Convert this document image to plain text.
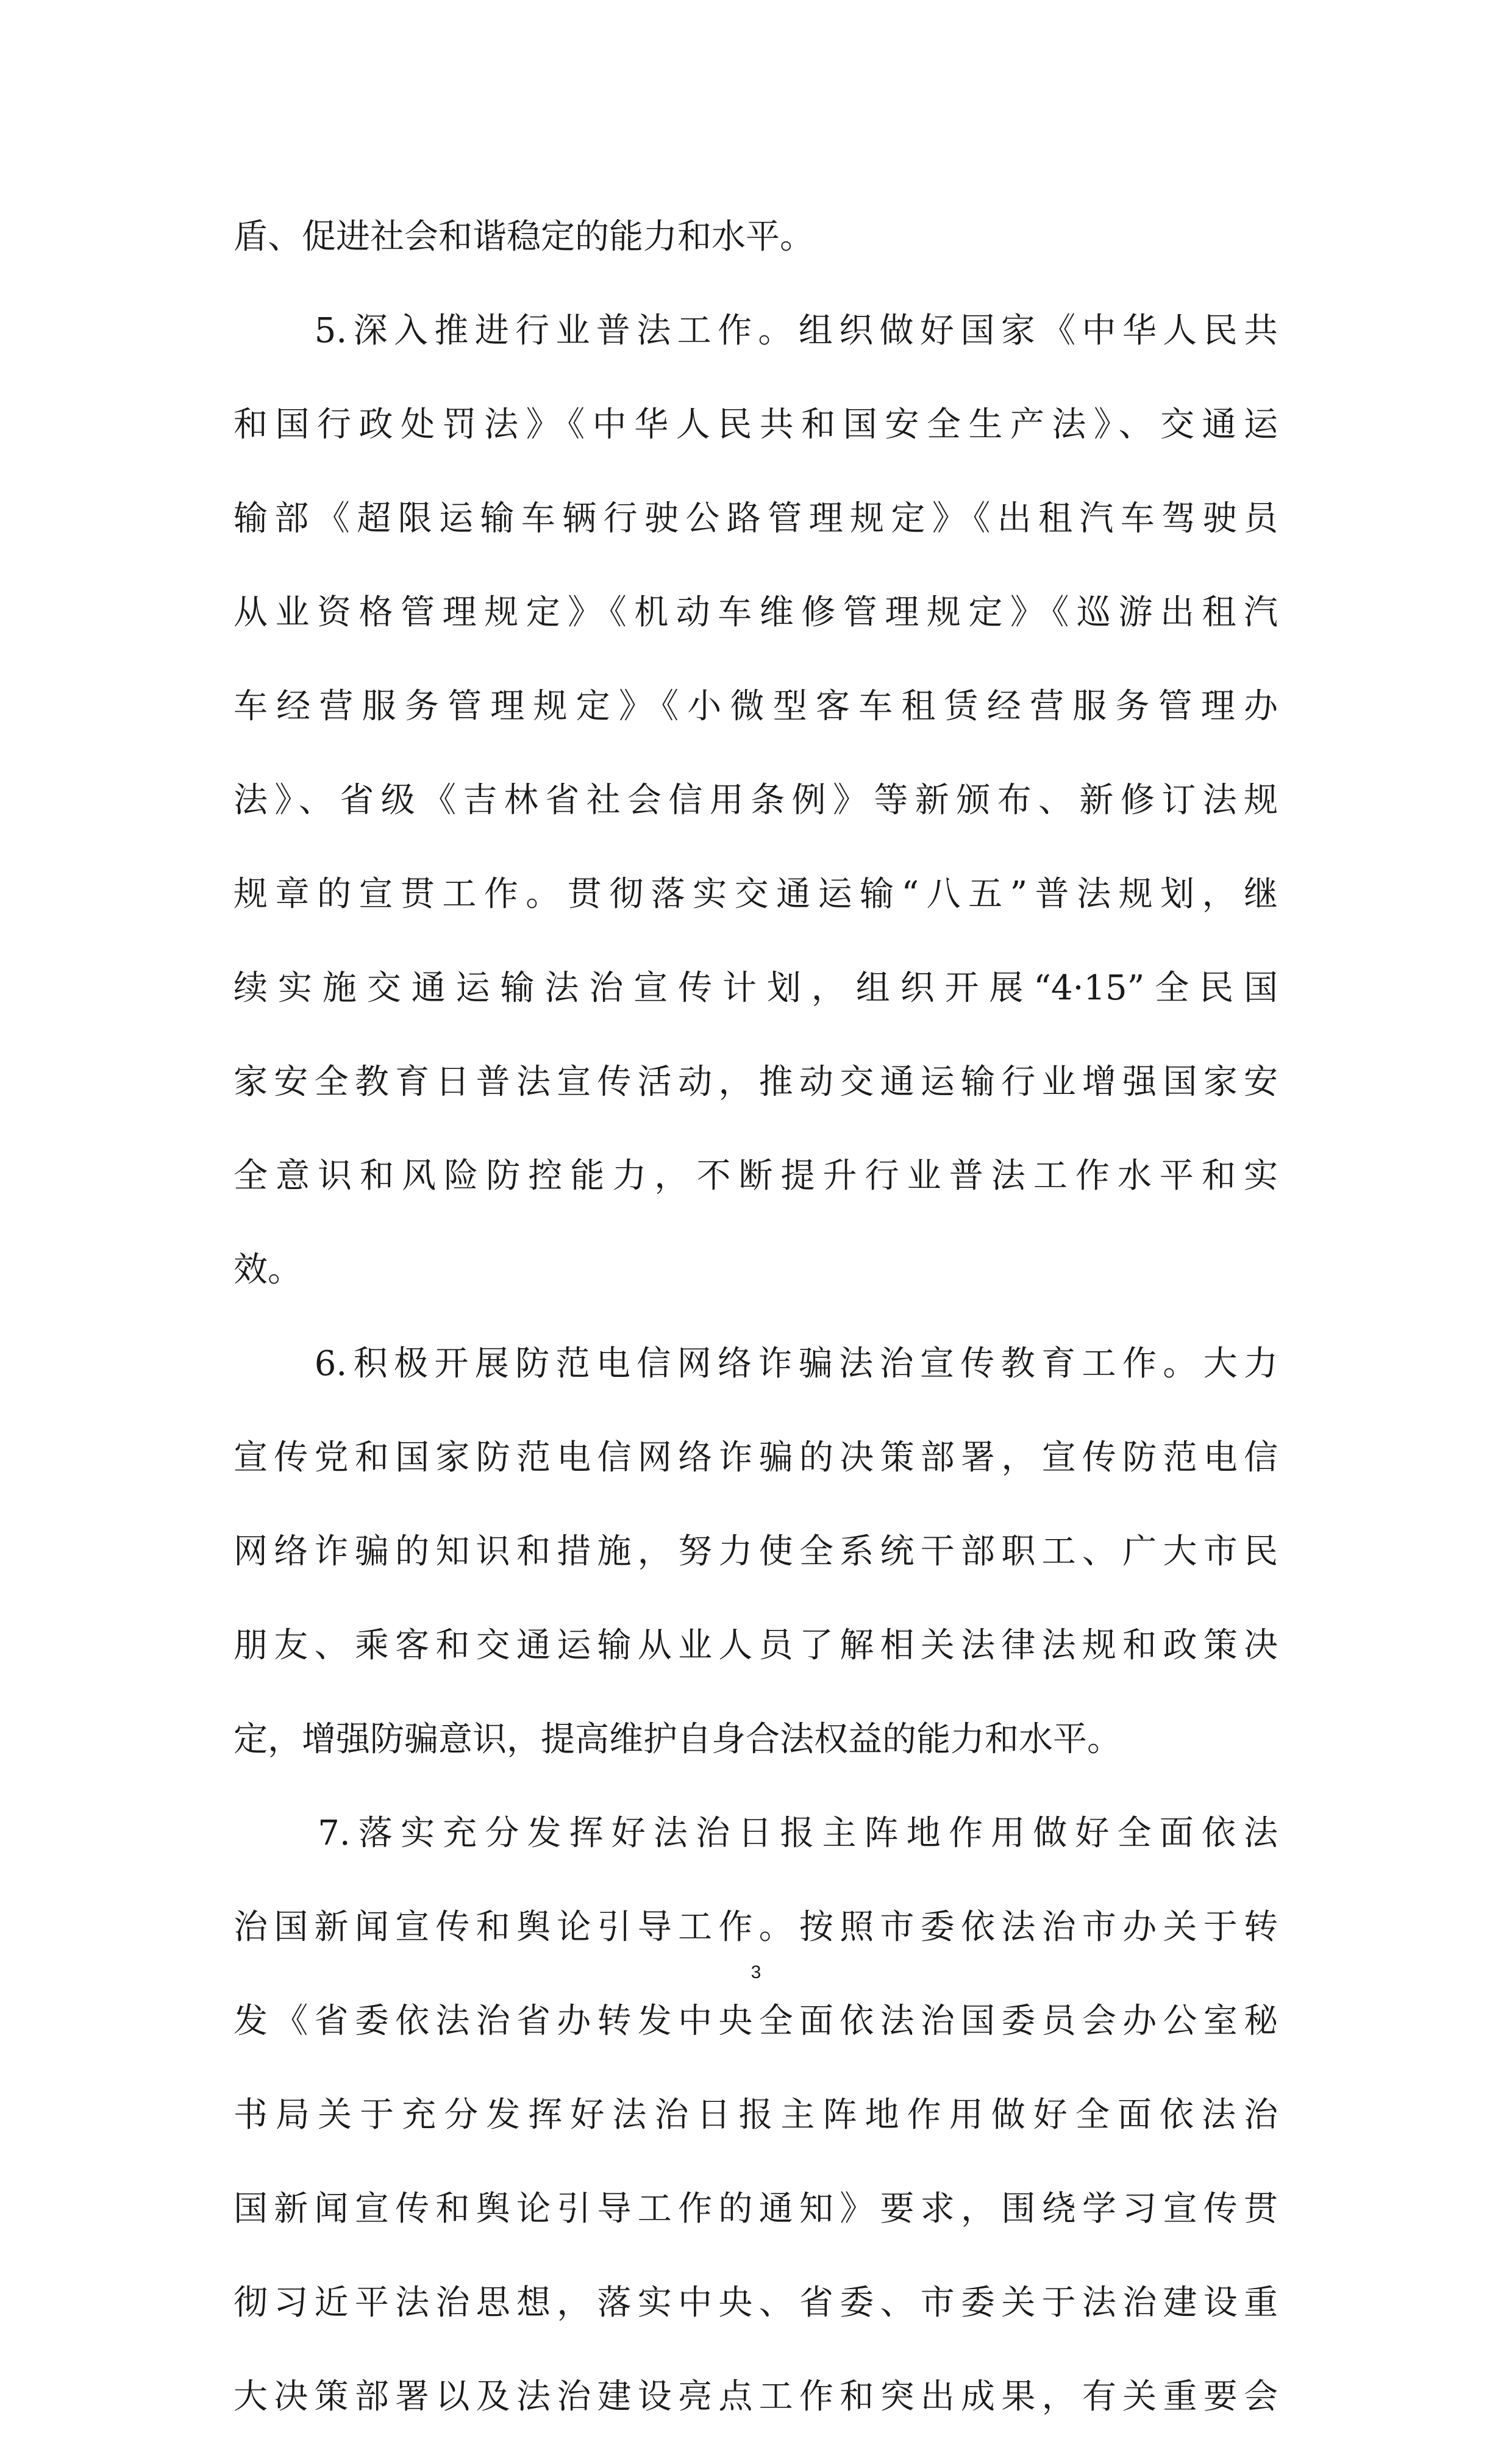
盾、促进社会和谐稳定的能力和水平。
　　5.深入推进行业普法工作。组织做好国家《中华人民共
和国行政处罚法》《中华人民共和国安全生产法》、交通运
输部《超限运输车辆行驶公路管理规定》《出租汽车驾驶员
从业资格管理规定》《机动车维修管理规定》《巡游出租汽
车经营服务管理规定》《小微型客车租赁经营服务管理办
法》、省级《吉林省社会信用条例》等新颁布、新修订法规
规章的宣贯工作。贯彻落实交通运输“八五”普法规划，继
续实施交通运输法治宣传计划，组织开展“4·15”全民国
家安全教育日普法宣传活动，推动交通运输行业增强国家安
全意识和风险防控能力，不断提升行业普法工作水平和实
效。
　　6.积极开展防范电信网络诈骗法治宣传教育工作。大力
宣传党和国家防范电信网络诈骗的决策部署，宣传防范电信
网络诈骗的知识和措施，努力使全系统干部职工、广大市民
朋友、乘客和交通运输从业人员了解相关法律法规和政策决
定，增强防骗意识，提高维护自身合法权益的能力和水平。
　　7.落实充分发挥好法治日报主阵地作用做好全面依法
治国新闻宣传和舆论引导工作。按照市委依法治市办关于转
发《省委依法治省办转发中央全面依法治国委员会办公室秘
书局关于充分发挥好法治日报主阵地作用做好全面依法治
国新闻宣传和舆论引导工作的通知》要求，围绕学习宣传贯
彻习近平法治思想，落实中央、省委、市委关于法治建设重
大决策部署以及法治建设亮点工作和突出成果，有关重要会
3
